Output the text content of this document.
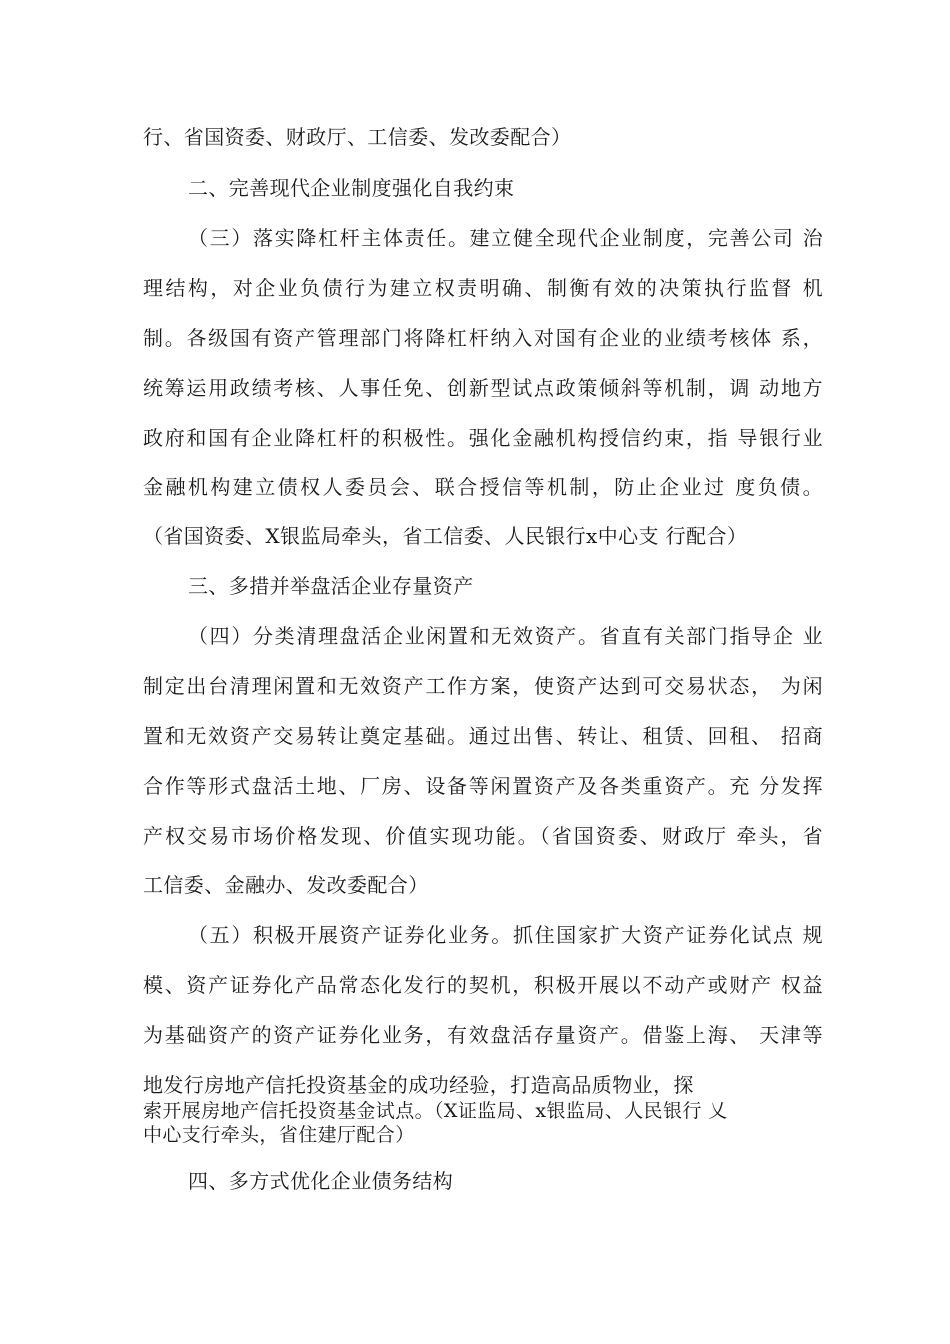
行、省国资委、财政厅、工信委、发改委配合）
二、完善现代企业制度强化自我约束
（三）落实降杠杆主体责任。建立健全现代企业制度，完善公司 治
理结构，对企业负债行为建立权责明确、制衡有效的决策执行监督 机
制。各级国有资产管理部门将降杠杆纳入对国有企业的业绩考核体 系，
统筹运用政绩考核、人事任免、创新型试点政策倾斜等机制，调 动地方
政府和国有企业降杠杆的积极性。强化金融机构授信约束，指 导银行业
金融机构建立债权人委员会、联合授信等机制，防止企业过 度负债。
（省国资委、X银监局牵头，省工信委、人民银行x中心支 行配合）
三、多措并举盘活企业存量资产
（四）分类清理盘活企业闲置和无效资产。省直有关部门指导企 业
制定出台清理闲置和无效资产工作方案，使资产达到可交易状态， 为闲
置和无效资产交易转让奠定基础。通过出售、转让、租赁、回租、 招商
合作等形式盘活土地、厂房、设备等闲置资产及各类重资产。充 分发挥
产权交易市场价格发现、价值实现功能。（省国资委、财政厅 牵头，省
工信委、金融办、发改委配合）
（五）积极开展资产证券化业务。抓住国家扩大资产证券化试点 规
模、资产证券化产品常态化发行的契机，积极开展以不动产或财产 权益
为基础资产的资产证券化业务，有效盘活存量资产。借鉴上海、 天津等
地发行房地产信托投资基金的成功经验，打造高品质物业，探
索开展房地产信托投资基金试点。（X证监局、x银监局、人民银行 乂
中心支行牵头，省住建厅配合）
四、多方式优化企业债务结构
